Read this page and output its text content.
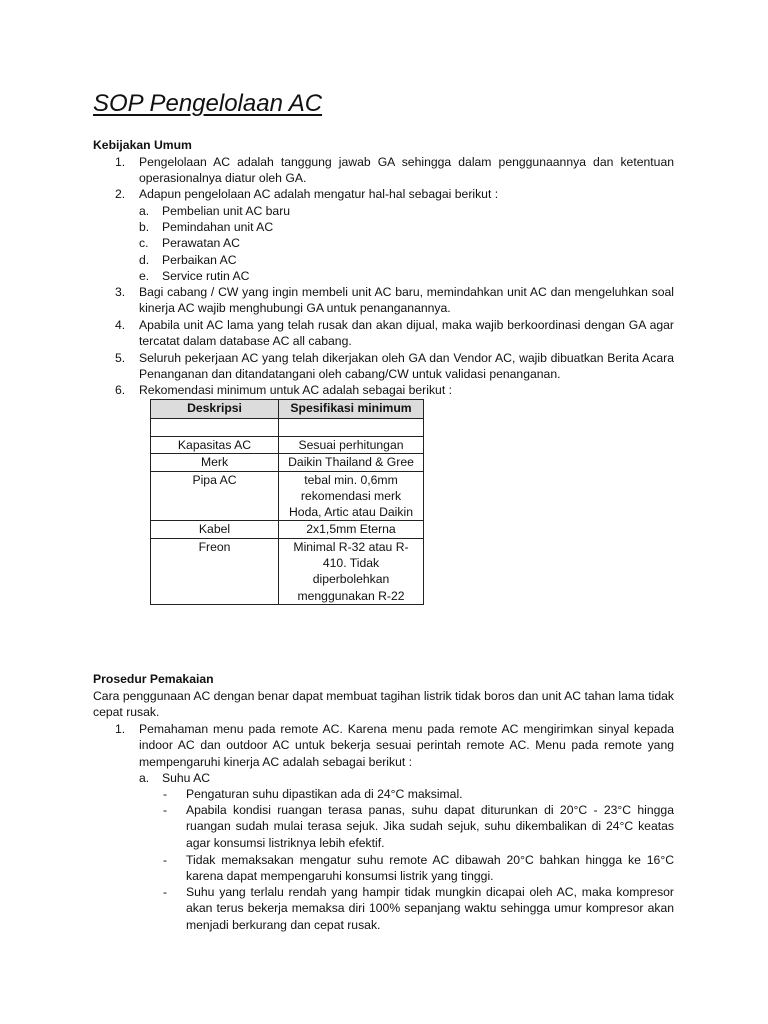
SOP Pengelolaan AC

Kebijakan Umum

1. Pengelolaan AC adalah tanggung jawab GA sehingga dalam penggunaannya dan ketentuan operasionalnya diatur oleh GA.
2. Adapun pengelolaan AC adalah mengatur hal-hal sebagai berikut :
a. Pembelian unit AC baru
b. Pemindahan unit AC
c. Perawatan AC
d. Perbaikan AC
e. Service rutin AC
3. Bagi cabang / CW yang ingin membeli unit AC baru, memindahkan unit AC dan mengeluhkan soal kinerja AC wajib menghubungi GA untuk penanganannya.
4. Apabila unit AC lama yang telah rusak dan akan dijual, maka wajib berkoordinasi dengan GA agar tercatat dalam database AC all cabang.
5. Seluruh pekerjaan AC yang telah dikerjakan oleh GA dan Vendor AC, wajib dibuatkan Berita Acara Penanganan dan ditandatangani oleh cabang/CW untuk validasi penanganan.
6. Rekomendasi minimum untuk AC adalah sebagai berikut :
Deskripsi	Spesifikasi minimum

Kapasitas AC	Sesuai perhitungan
Merk	Daikin Thailand & Gree
Pipa AC	tebal min. 0,6mm rekomendasi merk Hoda, Artic atau Daikin
Kabel	2x1,5mm Eterna
Freon	Minimal R-32 atau R-410. Tidak diperbolehkan menggunakan R-22

Prosedur Pemakaian

Cara penggunaan AC dengan benar dapat membuat tagihan listrik tidak boros dan unit AC tahan lama tidak cepat rusak.

1. Pemahaman menu pada remote AC. Karena menu pada remote AC mengirimkan sinyal kepada indoor AC dan outdoor AC untuk bekerja sesuai perintah remote AC. Menu pada remote yang mempengaruhi kinerja AC adalah sebagai berikut :
a. Suhu AC
- Pengaturan suhu dipastikan ada di 24°C maksimal.
- Apabila kondisi ruangan terasa panas, suhu dapat diturunkan di 20°C - 23°C hingga ruangan sudah mulai terasa sejuk. Jika sudah sejuk, suhu dikembalikan di 24°C keatas agar konsumsi listriknya lebih efektif.
- Tidak memaksakan mengatur suhu remote AC dibawah 20°C bahkan hingga ke 16°C karena dapat mempengaruhi konsumsi listrik yang tinggi.
- Suhu yang terlalu rendah yang hampir tidak mungkin dicapai oleh AC, maka kompresor akan terus bekerja memaksa diri 100% sepanjang waktu sehingga umur kompresor akan menjadi berkurang dan cepat rusak.
